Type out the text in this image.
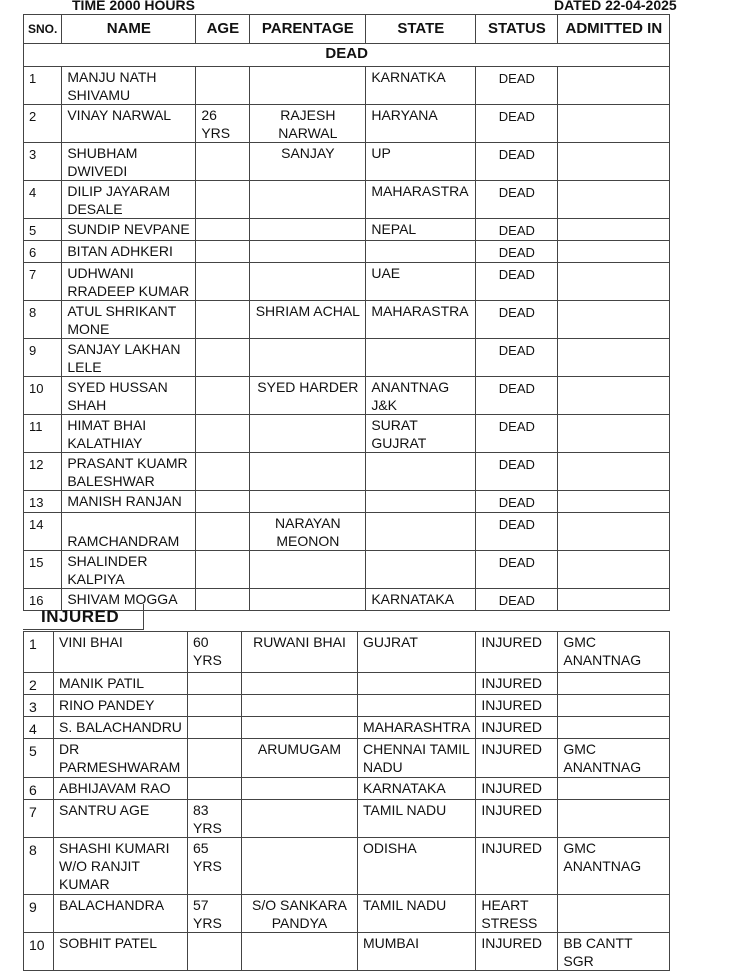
TIME 2000 HOURS	DATED 22-04-2025
SNO.	NAME	AGE	PARENTAGE	STATE	STATUS	ADMITTED IN
DEAD						
1	MANJU NATH SHIVAMU			KARNATKA	DEAD	
2	VINAY NARWAL	26 YRS	RAJESH NARWAL	HARYANA	DEAD	
3	SHUBHAM DWIVEDI		SANJAY	UP	DEAD	
4	DILIP JAYARAM DESALE			MAHARASTRA	DEAD	
5	SUNDIP NEVPANE			NEPAL	DEAD	
6	BITAN ADHKERI				DEAD	
7	UDHWANI RRADEEP KUMAR			UAE	DEAD	
8	ATUL SHRIKANT MONE		SHRIAM ACHAL	MAHARASTRA	DEAD	
9	SANJAY LAKHAN LELE				DEAD	
10	SYED HUSSAN SHAH		SYED HARDER	ANANTNAG J&K	DEAD	
11	HIMAT BHAI KALATHIAY			SURAT GUJRAT	DEAD	
12	PRASANT KUAMR BALESHWAR				DEAD	
13	MANISH RANJAN				DEAD	
14	RAMCHANDRAM		NARAYAN MEONON		DEAD	
15	SHALINDER KALPIYA				DEAD	
16	SHIVAM MOGGA			KARNATAKA	DEAD	
INJURED
1	VINI BHAI	60 YRS	RUWANI BHAI	GUJRAT	INJURED	GMC ANANTNAG
2	MANIK PATIL				INJURED	
3	RINO PANDEY				INJURED	
4	S. BALACHANDRU			MAHARASHTRA	INJURED	
5	DR PARMESHWARAM		ARUMUGAM	CHENNAI TAMIL NADU	INJURED	GMC ANANTNAG
6	ABHIJAVAM RAO			KARNATAKA	INJURED	
7	SANTRU AGE	83 YRS		TAMIL NADU	INJURED	
8	SHASHI KUMARI W/O RANJIT KUMAR	65 YRS		ODISHA	INJURED	GMC ANANTNAG
9	BALACHANDRA	57 YRS	S/O SANKARA PANDYA	TAMIL NADU	HEART STRESS	
10	SOBHIT PATEL			MUMBAI	INJURED	BB CANTT SGR
